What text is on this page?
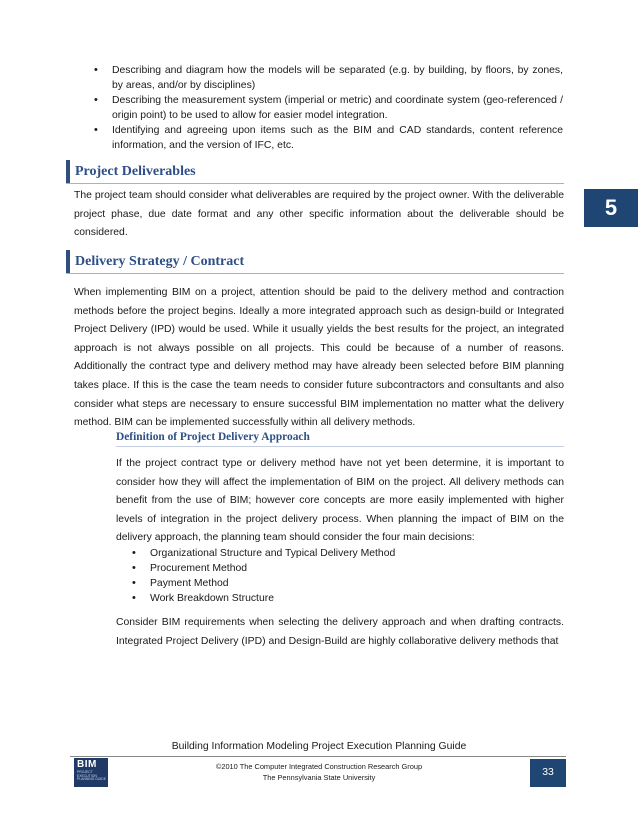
• Describing and diagram how the models will be separated (e.g. by building, by floors, by zones, by areas, and/or by disciplines)
• Describing the measurement system (imperial or metric) and coordinate system (geo-referenced / origin point) to be used to allow for easier model integration.
• Identifying and agreeing upon items such as the BIM and CAD standards, content reference information, and the version of IFC, etc.
Project Deliverables

The project team should consider what deliverables are required by the project owner. With the deliverable project phase, due date format and any other specific information about the deliverable should be considered.

5
Delivery Strategy / Contract

When implementing BIM on a project, attention should be paid to the delivery method and contraction methods before the project begins. Ideally a more integrated approach such as design-build or Integrated Project Delivery (IPD) would be used. While it usually yields the best results for the project, an integrated approach is not always possible on all projects. This could be because of a number of reasons. Additionally the contract type and delivery method may have already been selected before BIM planning takes place. If this is the case the team needs to consider future subcontractors and consultants and also consider what steps are necessary to ensure successful BIM implementation no matter what the delivery method. BIM can be implemented successfully within all delivery methods.

Definition of Project Delivery Approach

If the project contract type or delivery method have not yet been determine, it is important to consider how they will affect the implementation of BIM on the project. All delivery methods can benefit from the use of BIM; however core concepts are more easily implemented with higher levels of integration in the project delivery process. When planning the impact of BIM on the delivery approach, the planning team should consider the four main decisions:

• Organizational Structure and Typical Delivery Method
• Procurement Method
• Payment Method
• Work Breakdown Structure

Consider BIM requirements when selecting the delivery approach and when drafting contracts. Integrated Project Delivery (IPD) and Design-Build are highly collaborative delivery methods that

Building Information Modeling Project Execution Planning Guide
BIM
PROJECT EXECUTION PLANNING GUIDE
©2010 The Computer Integrated Construction Research Group
The Pennsylvania State University	33
